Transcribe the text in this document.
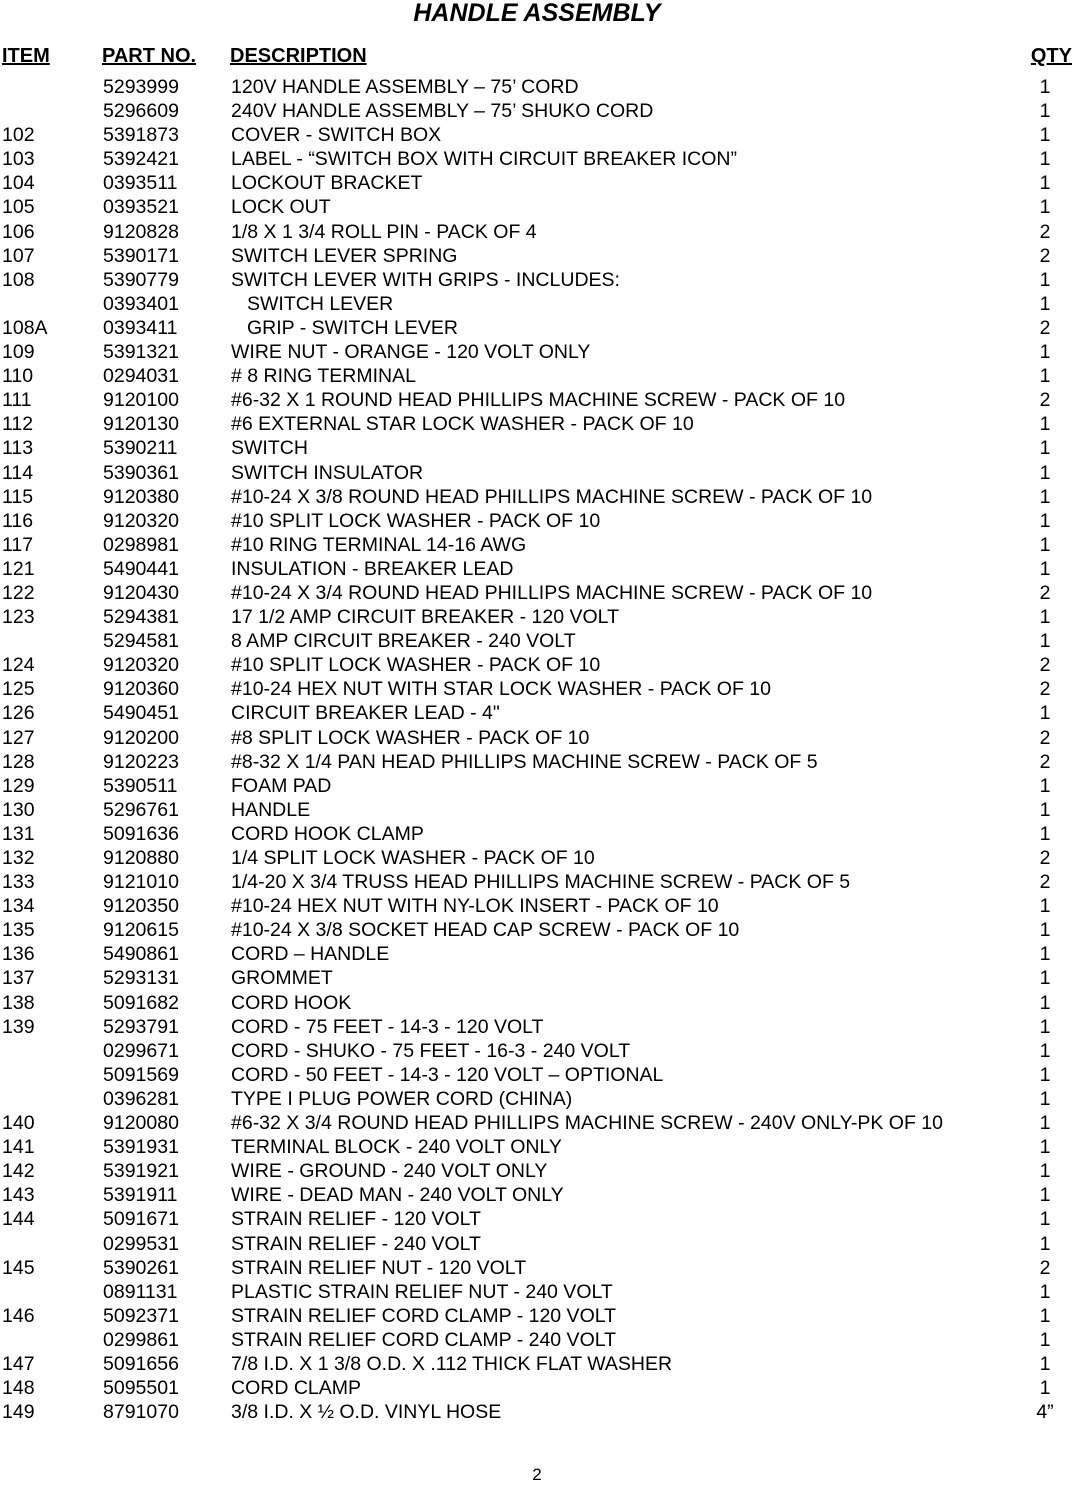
HANDLE ASSEMBLY
ITEM	PART NO. DESCRIPTION	QTY
5293999	120V HANDLE ASSEMBLY – 75’ CORD	1
5296609	240V HANDLE ASSEMBLY – 75’ SHUKO CORD	1
102	5391873	COVER - SWITCH BOX	1
103	5392421	LABEL - “SWITCH BOX WITH CIRCUIT BREAKER ICON”	1
104	0393511	LOCKOUT BRACKET	1
105	0393521	LOCK OUT	1
106	9120828	1/8 X 1 3/4 ROLL PIN - PACK OF 4	2
107	5390171	SWITCH LEVER SPRING	2
108	5390779	SWITCH LEVER WITH GRIPS - INCLUDES:	1
0393401	SWITCH LEVER	1
108A	0393411	GRIP - SWITCH LEVER	2
109	5391321	WIRE NUT - ORANGE - 120 VOLT ONLY	1
110	0294031	# 8 RING TERMINAL	1
111	9120100	#6-32 X 1 ROUND HEAD PHILLIPS MACHINE SCREW - PACK OF 10	2
112	9120130	#6 EXTERNAL STAR LOCK WASHER - PACK OF 10	1
113	5390211	SWITCH	1
114	5390361	SWITCH INSULATOR	1
115	9120380	#10-24 X 3/8 ROUND HEAD PHILLIPS MACHINE SCREW - PACK OF 10	1
116	9120320	#10 SPLIT LOCK WASHER - PACK OF 10	1
117	0298981	#10 RING TERMINAL 14-16 AWG	1
121	5490441	INSULATION - BREAKER LEAD	1
122	9120430	#10-24 X 3/4 ROUND HEAD PHILLIPS MACHINE SCREW - PACK OF 10	2
123	5294381	17 1/2 AMP CIRCUIT BREAKER - 120 VOLT	1
5294581	8 AMP CIRCUIT BREAKER - 240 VOLT	1
124	9120320	#10 SPLIT LOCK WASHER - PACK OF 10	2
125	9120360	#10-24 HEX NUT WITH STAR LOCK WASHER - PACK OF 10	2
126	5490451	CIRCUIT BREAKER LEAD - 4"	1
127	9120200	#8 SPLIT LOCK WASHER - PACK OF 10	2
128	9120223	#8-32 X 1/4 PAN HEAD PHILLIPS MACHINE SCREW - PACK OF 5	2
129	5390511	FOAM PAD	1
130	5296761	HANDLE	1
131	5091636	CORD HOOK CLAMP	1
132	9120880	1/4 SPLIT LOCK WASHER - PACK OF 10	2
133	9121010	1/4-20 X 3/4 TRUSS HEAD PHILLIPS MACHINE SCREW - PACK OF 5	2
134	9120350	#10-24 HEX NUT WITH NY-LOK INSERT - PACK OF 10	1
135	9120615	#10-24 X 3/8 SOCKET HEAD CAP SCREW - PACK OF 10	1
136	5490861	CORD – HANDLE	1
137	5293131	GROMMET	1
138	5091682	CORD HOOK	1
139	5293791	CORD - 75 FEET - 14-3 - 120 VOLT	1
0299671	CORD - SHUKO - 75 FEET - 16-3 - 240 VOLT	1
5091569	CORD - 50 FEET - 14-3 - 120 VOLT – OPTIONAL	1
0396281	TYPE I PLUG POWER CORD (CHINA)	1
140	9120080	#6-32 X 3/4 ROUND HEAD PHILLIPS MACHINE SCREW - 240V ONLY-PK OF 10	1
141	5391931	TERMINAL BLOCK - 240 VOLT ONLY	1
142	5391921	WIRE - GROUND - 240 VOLT ONLY	1
143	5391911	WIRE - DEAD MAN - 240 VOLT ONLY	1
144	5091671	STRAIN RELIEF - 120 VOLT	1
0299531	STRAIN RELIEF - 240 VOLT	1
145	5390261	STRAIN RELIEF NUT - 120 VOLT	2
0891131	PLASTIC STRAIN RELIEF NUT - 240 VOLT	1
146	5092371	STRAIN RELIEF CORD CLAMP - 120 VOLT	1
0299861	STRAIN RELIEF CORD CLAMP - 240 VOLT	1
147	5091656	7/8 I.D. X 1 3/8 O.D. X .112 THICK FLAT WASHER	1
148	5095501	CORD CLAMP	1
149	8791070	3/8 I.D. X ½ O.D. VINYL HOSE	4”
2
